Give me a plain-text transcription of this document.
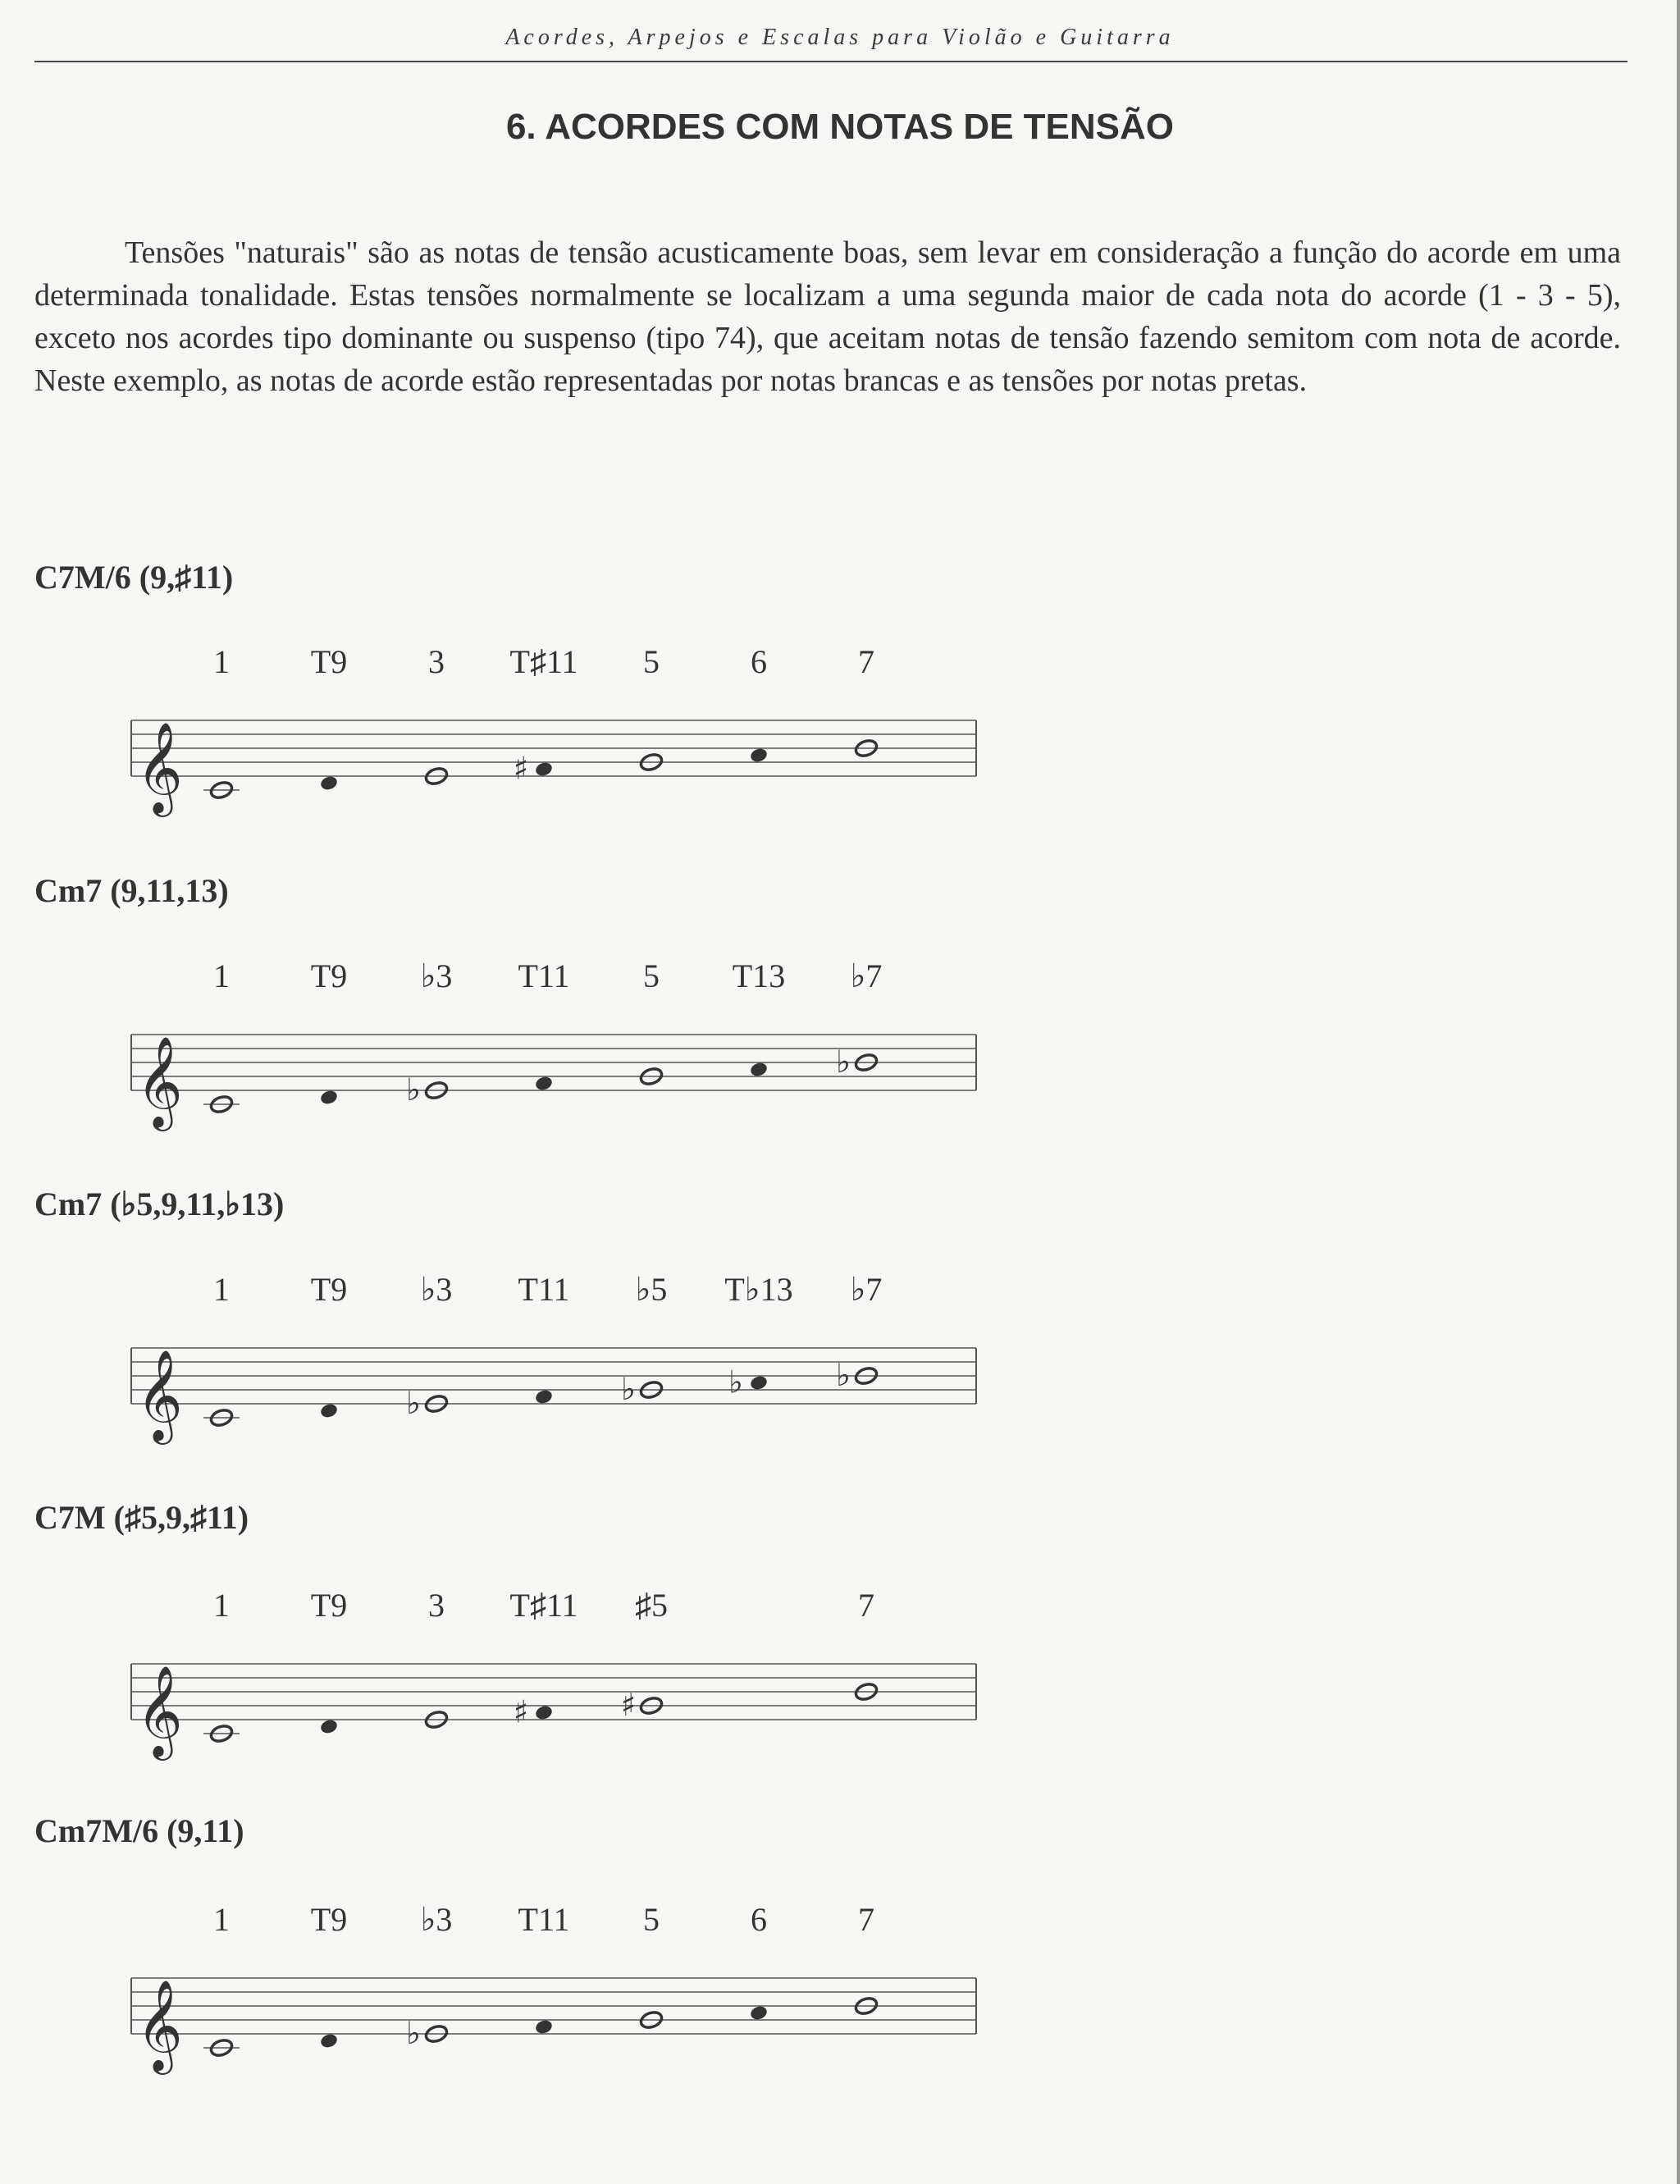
Acordes, Arpejos e Escalas para Violão e Guitarra
6. ACORDES COM NOTAS DE TENSÃO

Tensões "naturais" são as notas de tensão acusticamente boas, sem levar em consideração a função do acorde em uma determinada tonalidade. Estas tensões normalmente se localizam a uma segunda maior de cada nota do acorde (1 - 3 - 5), exceto nos acordes tipo dominante ou suspenso (tipo 74), que aceitam notas de tensão fazendo semitom com nota de acorde. Neste exemplo, as notas de acorde estão representadas por notas brancas e as tensões por notas pretas.

C7M/6 (9,♯11)
𝄞
1 T9 3 T♯11
♯
5	6	7
Cm7 (9,11,13)
𝄞
1 T9 ♭3
♭
T11 5 T13 ♭7
♭
Cm7 (♭5,9,11,♭13)
𝄞
1 T9 ♭3
♭
T11 ♭5
♭
T♭13
♭
♭7
♭
C7M (♯5,9,♯11)
𝄞
1 T9 3 T♯11
♯
♯5
♯
7
Cm7M/6 (9,11)
𝄞
1 T9 ♭3
♭
T11 5	6	7
